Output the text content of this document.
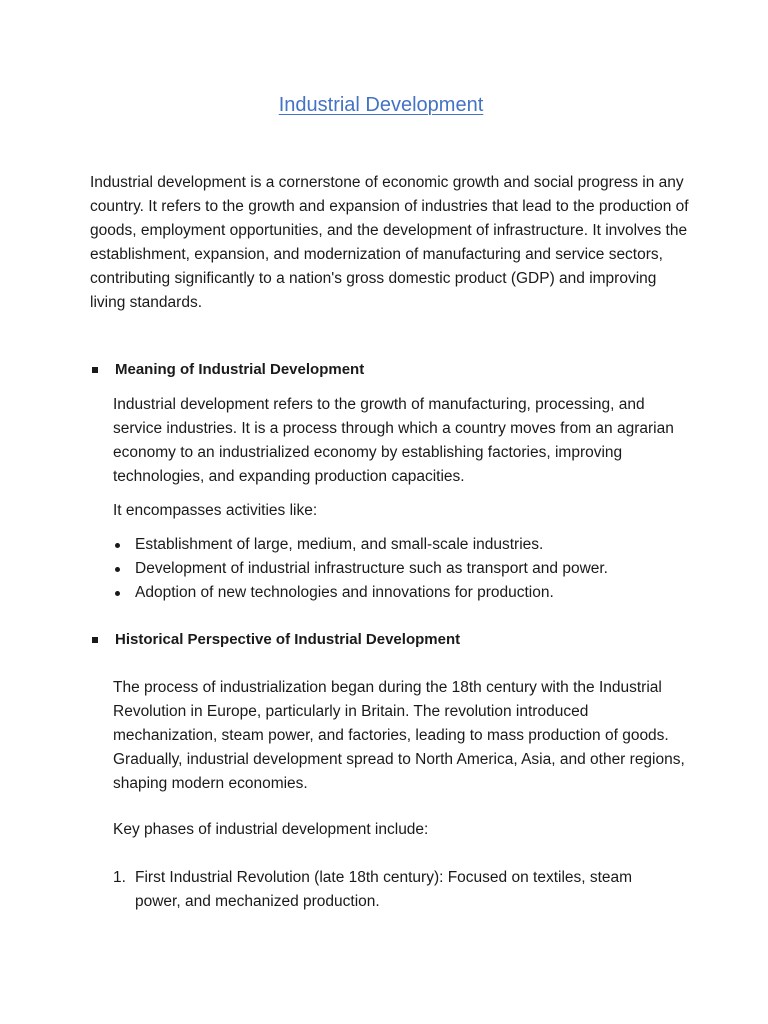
Industrial Development

Industrial development is a cornerstone of economic growth and social progress in any country. It refers to the growth and expansion of industries that lead to the production of goods, employment opportunities, and the development of infrastructure. It involves the establishment, expansion, and modernization of manufacturing and service sectors, contributing significantly to a nation's gross domestic product (GDP) and improving living standards.

Meaning of Industrial Development

Industrial development refers to the growth of manufacturing, processing, and service industries. It is a process through which a country moves from an agrarian economy to an industrialized economy by establishing factories, improving technologies, and expanding production capacities.

It encompasses activities like:

Establishment of large, medium, and small-scale industries.
Development of industrial infrastructure such as transport and power.
Adoption of new technologies and innovations for production.
Historical Perspective of Industrial Development

The process of industrialization began during the 18th century with the Industrial Revolution in Europe, particularly in Britain. The revolution introduced mechanization, steam power, and factories, leading to mass production of goods. Gradually, industrial development spread to North America, Asia, and other regions, shaping modern economies.

Key phases of industrial development include:

1. First Industrial Revolution (late 18th century): Focused on textiles, steam power, and mechanized production.
